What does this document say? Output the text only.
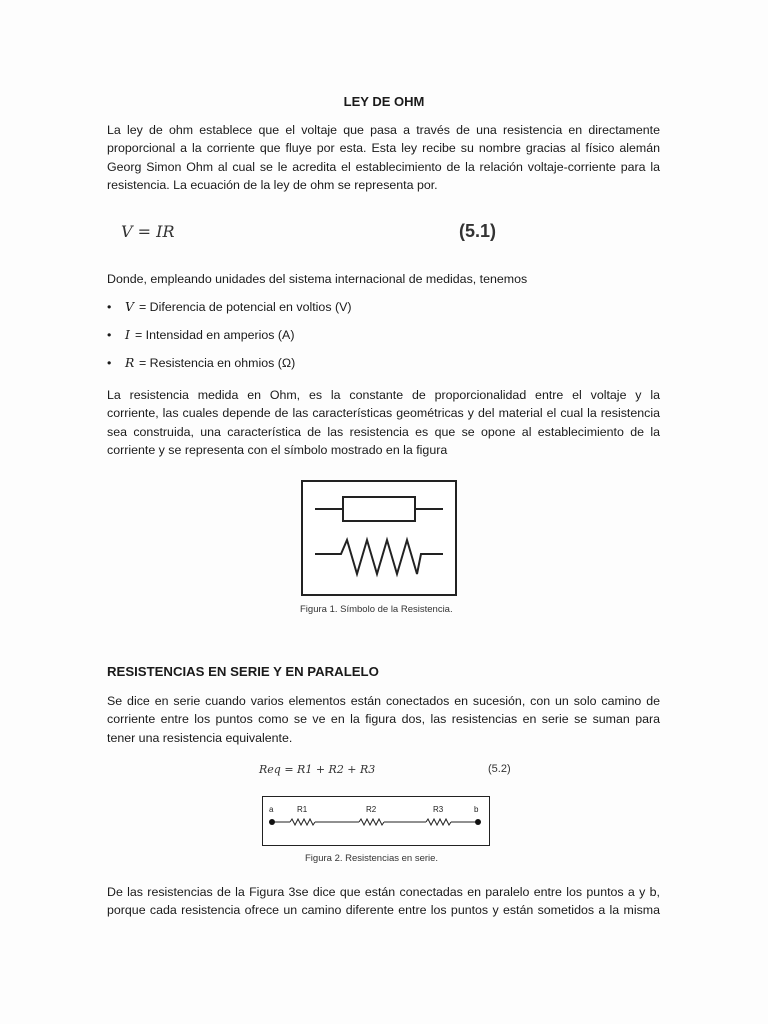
LEY DE OHM
La ley de ohm establece que el voltaje que pasa a través de una resistencia en directamente
proporcional a la corriente que fluye por esta. Esta ley recibe su nombre gracias al físico alemán
Georg Simon Ohm al cual se le acredita el establecimiento de la relación voltaje-corriente para la
resistencia. La ecuación de la ley de ohm se representa por.
V = IR	(5.1)
Donde, empleando unidades del sistema internacional de medidas, tenemos
• V = Diferencia de potencial en voltios (V)
• I = Intensidad en amperios (A)
• R = Resistencia en ohmios (Ω)
La resistencia medida en Ohm, es la constante de proporcionalidad entre el voltaje y la
corriente, las cuales depende de las características geométricas y del material el cual la resistencia
sea construida, una característica de las resistencia es que se opone al establecimiento de la
corriente y se representa con el símbolo mostrado en la figura
Figura 1. Símbolo de la Resistencia.
RESISTENCIAS EN SERIE Y EN PARALELO
Se dice en serie cuando varios elementos están conectados en sucesión, con un solo camino de
corriente entre los puntos como se ve en la figura dos, las resistencias en serie se suman para
tener una resistencia equivalente.
Req = R1 + R2 + R3	(5.2)
a	b
R1	R2	R3
Figura 2. Resistencias en serie.
De las resistencias de la Figura 3se dice que están conectadas en paralelo entre los puntos a y b,
porque cada resistencia ofrece un camino diferente entre los puntos y están sometidos a la misma
